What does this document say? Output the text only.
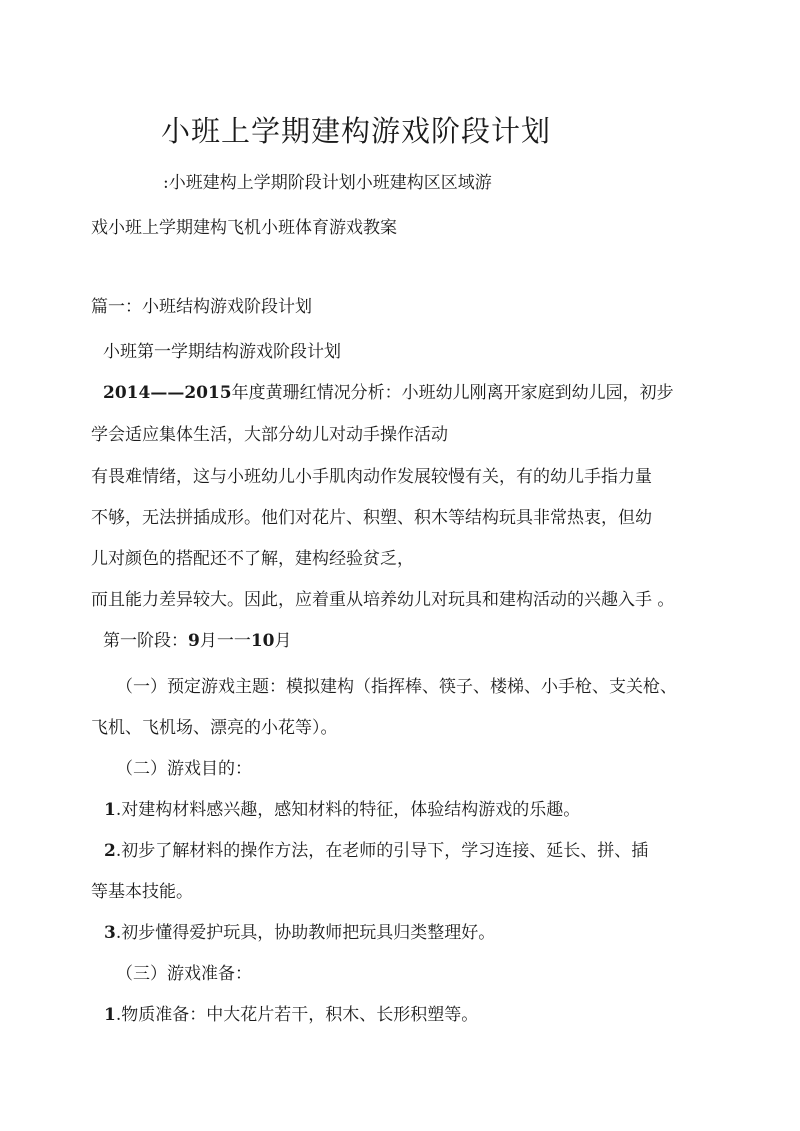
小班上学期建构游戏阶段计划
:小班建构上学期阶段计划小班建构区区域游
戏小班上学期建构飞机小班体育游戏教案
篇一：小班结构游戏阶段计划
小班第一学期结构游戏阶段计划
2014——2015年度黄珊红情况分析：小班幼儿刚离开家庭到幼儿园，初步
学会适应集体生活，大部分幼儿对动手操作活动
有畏难情绪，这与小班幼儿小手肌肉动作发展较慢有关，有的幼儿手指力量
不够，无法拼插成形。他们对花片、积塑、积木等结构玩具非常热衷，但幼
儿对颜色的搭配还不了解，建构经验贫乏，
而且能力差异较大。因此，应着重从培养幼儿对玩具和建构活动的兴趣入手 。
第一阶段：9月一一10月
（一）预定游戏主题：模拟建构（指挥棒、筷子、楼梯、小手枪、支关枪、
飞机、飞机场、漂亮的小花等）。
（二）游戏目的：
1.对建构材料感兴趣，感知材料的特征，体验结构游戏的乐趣。
2.初步了解材料的操作方法，在老师的引导下，学习连接、延长、拼、插
等基本技能。
3.初步懂得爱护玩具，协助教师把玩具归类整理好。
（三）游戏准备：
1.物质准备：中大花片若干，积木、长形积塑等。
